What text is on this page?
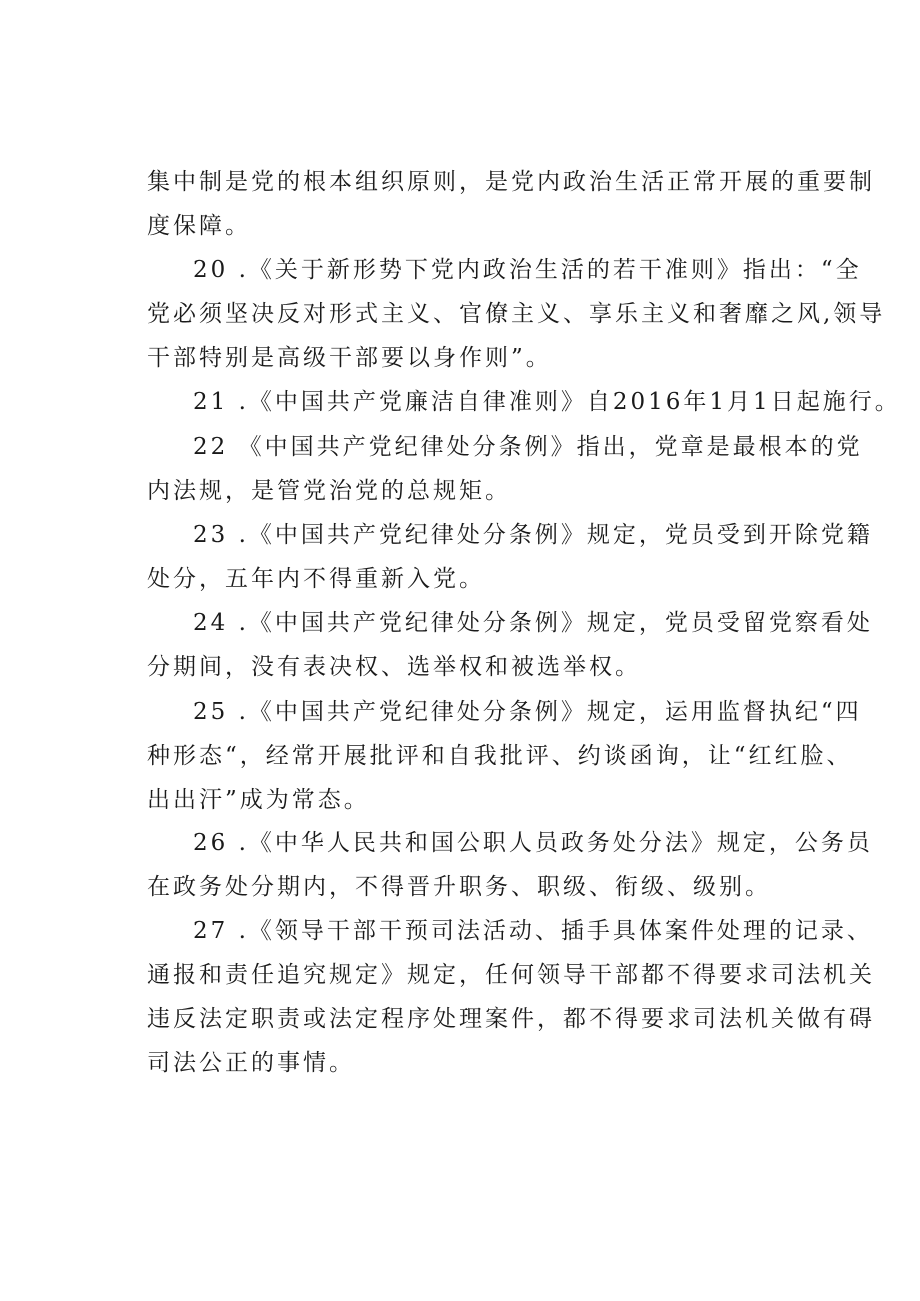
集中制是党的根本组织原则，是党内政治生活正常开展的重要制
度保障。

20 .《关于新形势下党内政治生活的若干准则》指出：“全
党必须坚决反对形式主义、官僚主义、享乐主义和奢靡之风,领导
干部特别是高级干部要以身作则”。

21 .《中国共产党廉洁自律准则》自2016年1月1日起施行。

22 《中国共产党纪律处分条例》指出，党章是最根本的党
内法规，是管党治党的总规矩。

23 .《中国共产党纪律处分条例》规定，党员受到开除党籍
处分，五年内不得重新入党。

24 .《中国共产党纪律处分条例》规定，党员受留党察看处
分期间，没有表决权、选举权和被选举权。

25 .《中国共产党纪律处分条例》规定，运用监督执纪“四
种形态“，经常开展批评和自我批评、约谈函询，让“红红脸、
出出汗”成为常态。

26 .《中华人民共和国公职人员政务处分法》规定，公务员
在政务处分期内，不得晋升职务、职级、衔级、级别。

27 .《领导干部干预司法活动、插手具体案件处理的记录、
通报和责任追究规定》规定，任何领导干部都不得要求司法机关
违反法定职责或法定程序处理案件，都不得要求司法机关做有碍
司法公正的事情。
